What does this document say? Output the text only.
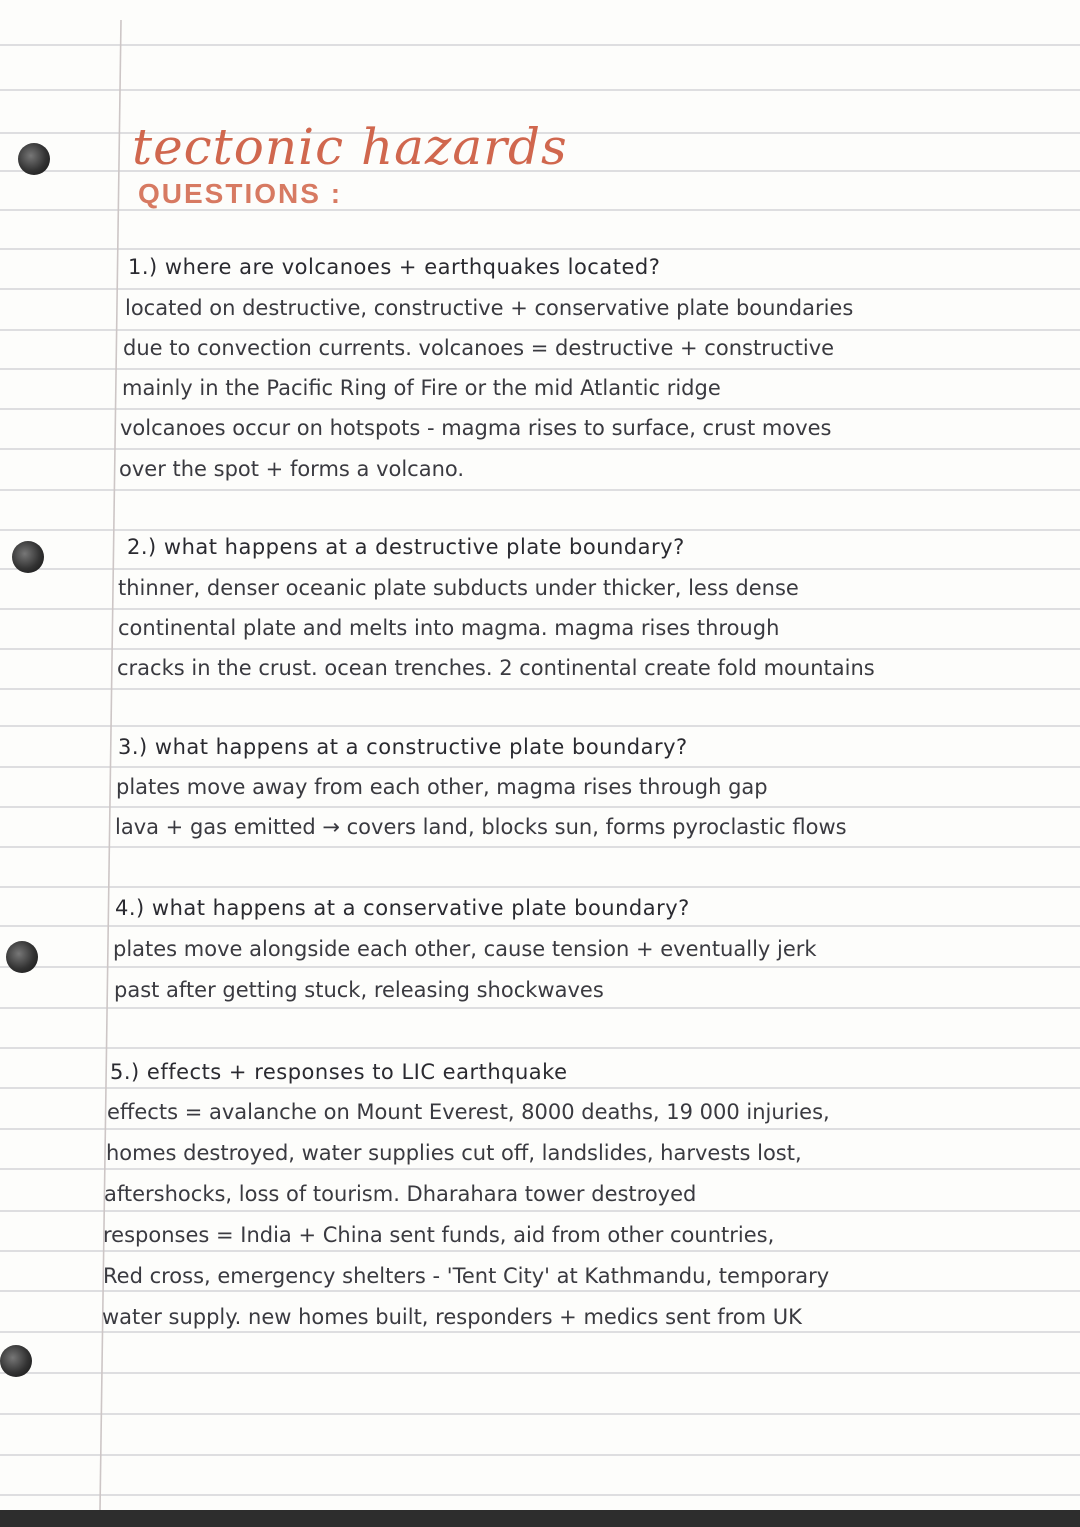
tectonic hazards
QUESTIONS :
1.) where are volcanoes + earthquakes located?
located on destructive, constructive + conservative plate boundaries
due to convection currents. volcanoes = destructive + constructive
mainly in the Pacific Ring of Fire or the mid Atlantic ridge
volcanoes occur on hotspots - magma rises to surface, crust moves
over the spot + forms a volcano.
2.) what happens at a destructive plate boundary?
thinner, denser oceanic plate subducts under thicker, less dense
continental plate and melts into magma. magma rises through
cracks in the crust. ocean trenches. 2 continental create fold mountains
3.) what happens at a constructive plate boundary?
plates move away from each other, magma rises through gap
lava + gas emitted → covers land, blocks sun, forms pyroclastic flows
4.) what happens at a conservative plate boundary?
plates move alongside each other, cause tension + eventually jerk
past after getting stuck, releasing shockwaves
5.) effects + responses to LIC earthquake
effects = avalanche on Mount Everest, 8000 deaths, 19 000 injuries,
homes destroyed, water supplies cut off, landslides, harvests lost,
aftershocks, loss of tourism. Dharahara tower destroyed
responses = India + China sent funds, aid from other countries,
Red cross, emergency shelters - 'Tent City' at Kathmandu, temporary
water supply. new homes built, responders + medics sent from UK
